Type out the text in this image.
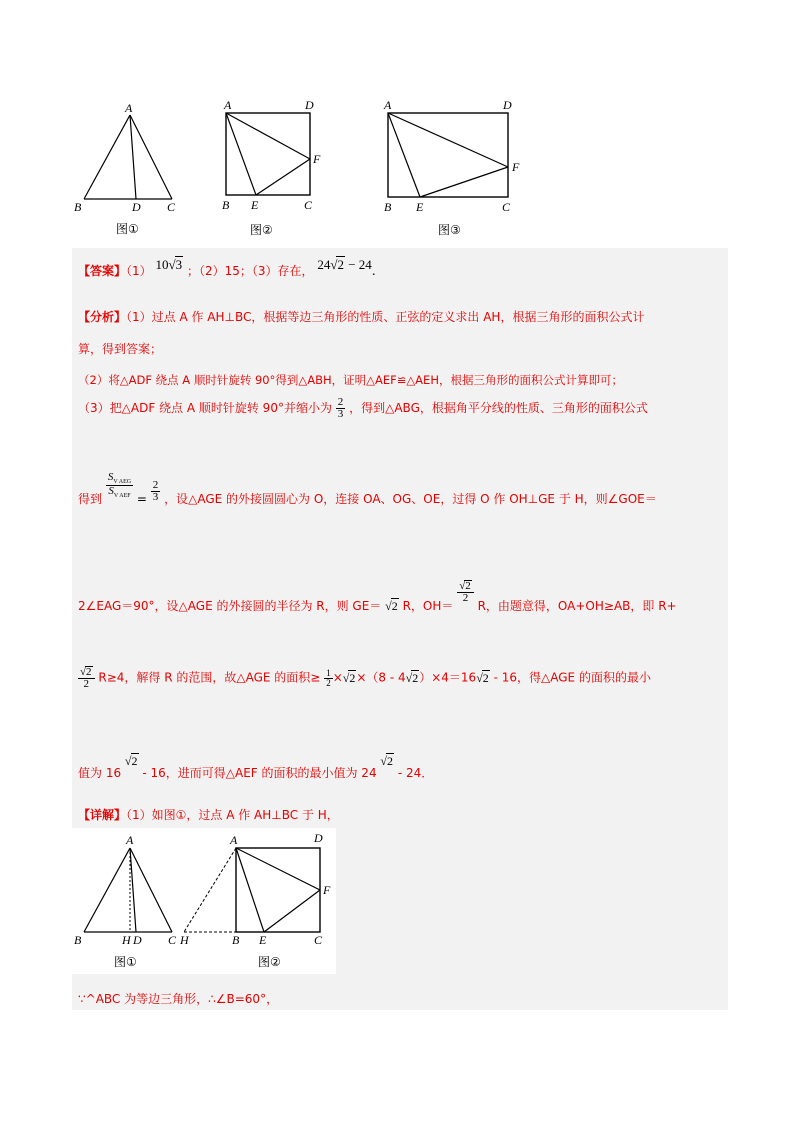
A
B	D C
图①
A	D
F
B E	C
图②
A	D
F
B E	C
图③
【答案】（1） 10√3 ；（2）15；（3）存在， 24√2 − 24.
【分析】（1）过点 A 作 AH⊥BC，根据等边三角形的性质、正弦的定义求出 AH，根据三角形的面积公式计
算，得到答案；
（2）将△ADF 绕点 A 顺时针旋转 90°得到△ABH，证明△AEF≌△AEH，根据三角形的面积公式计算即可；
（3）把△ADF 绕点 A 顺时针旋转 90°并缩小为 $\frac{2}{3}$ ，得到△ABG，根据角平分线的性质、三角形的面积公式
得到 $\frac{S_{V AEG}}{S_{V AEF}} = \frac{2}{3}$ ，设△AGE 的外接圆圆心为 O，连接 OA、OG、OE，过得 O 作 OH⊥GE 于 H，则∠GOE＝
2∠EAG＝90°，设△AGE 的外接圆的半径为 R，则 GE＝ √2 R，OH＝
$\frac{√2}{2}$
R，由题意得，OA+OH≥AB，即 R+
$\frac{√2}{2} R\ge 4$，解得 R 的范围，故△AGE 的面积≥ $\frac{1}{2} \times√2\times(8 - 4√2)\times 4=16√2 - 16$，得△AGE 的面积的最小
值为 16 √2 - 16，进而可得△AEF 的面积的最小值为 24 √2 - 24．
【详解】（1）如图①，过点 A 作 AH⊥BC 于 H，
A
B	H D C
图①
A	D
F
H	B E	C
图②
∵^ABC 为等边三角形，∴∠B=60°，
